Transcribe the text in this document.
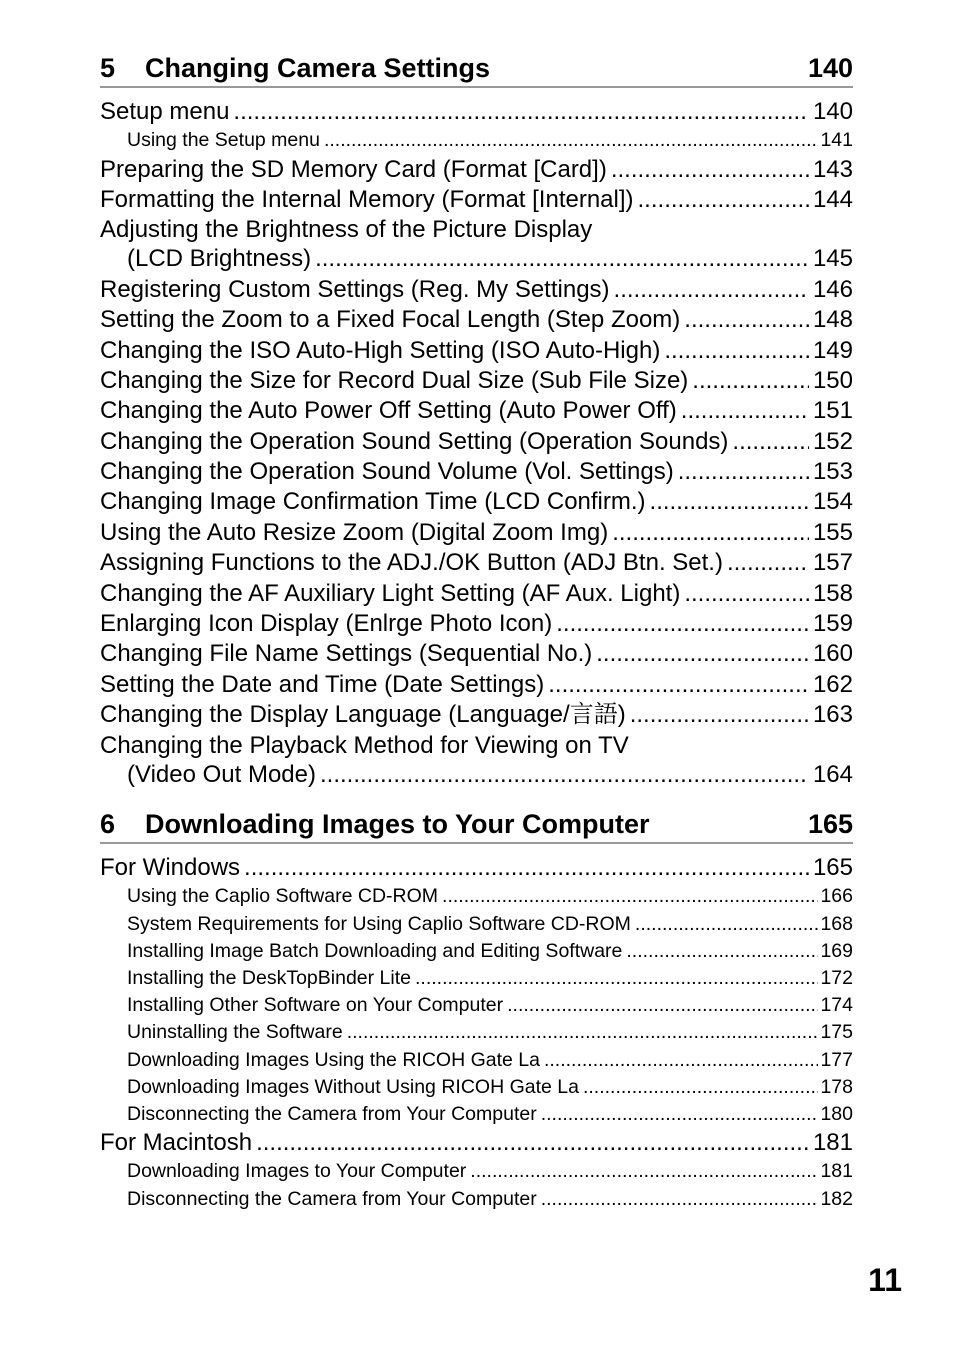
5	Changing Camera Settings	140
Setup menu .....	140
Using the Setup menu .....	141
Preparing the SD Memory Card (Format [Card]) .....	143
Formatting the Internal Memory (Format [Internal]) .....	144
Adjusting the Brightness of the Picture Display
(LCD Brightness) .....	145
Registering Custom Settings (Reg. My Settings) .....	146
Setting the Zoom to a Fixed Focal Length (Step Zoom) .....	148
Changing the ISO Auto-High Setting (ISO Auto-High) .....	149
Changing the Size for Record Dual Size (Sub File Size) .....	150
Changing the Auto Power Off Setting (Auto Power Off) .....	151
Changing the Operation Sound Setting (Operation Sounds) .....	152
Changing the Operation Sound Volume (Vol. Settings) .....	153
Changing Image Confirmation Time (LCD Confirm.) .....	154
Using the Auto Resize Zoom (Digital Zoom Img) .....	155
Assigning Functions to the ADJ./OK Button (ADJ Btn. Set.) .....	157
Changing the AF Auxiliary Light Setting (AF Aux. Light) .....	158
Enlarging Icon Display (Enlrge Photo Icon) .....	159
Changing File Name Settings (Sequential No.) .....	160
Setting the Date and Time (Date Settings) .....	162
Changing the Display Language (Language/言語) .....	163
Changing the Playback Method for Viewing on TV
(Video Out Mode) .....	164
6	Downloading Images to Your Computer	165
For Windows .....	165
Using the Caplio Software CD-ROM .....	166
System Requirements for Using Caplio Software CD-ROM .....	168
Installing Image Batch Downloading and Editing Software .....	169
Installing the DeskTopBinder Lite .....	172
Installing Other Software on Your Computer .....	174
Uninstalling the Software .....	175
Downloading Images Using the RICOH Gate La .....	177
Downloading Images Without Using RICOH Gate La .....	178
Disconnecting the Camera from Your Computer .....	180
For Macintosh .....	181
Downloading Images to Your Computer .....	181
Disconnecting the Camera from Your Computer .....	182
11
